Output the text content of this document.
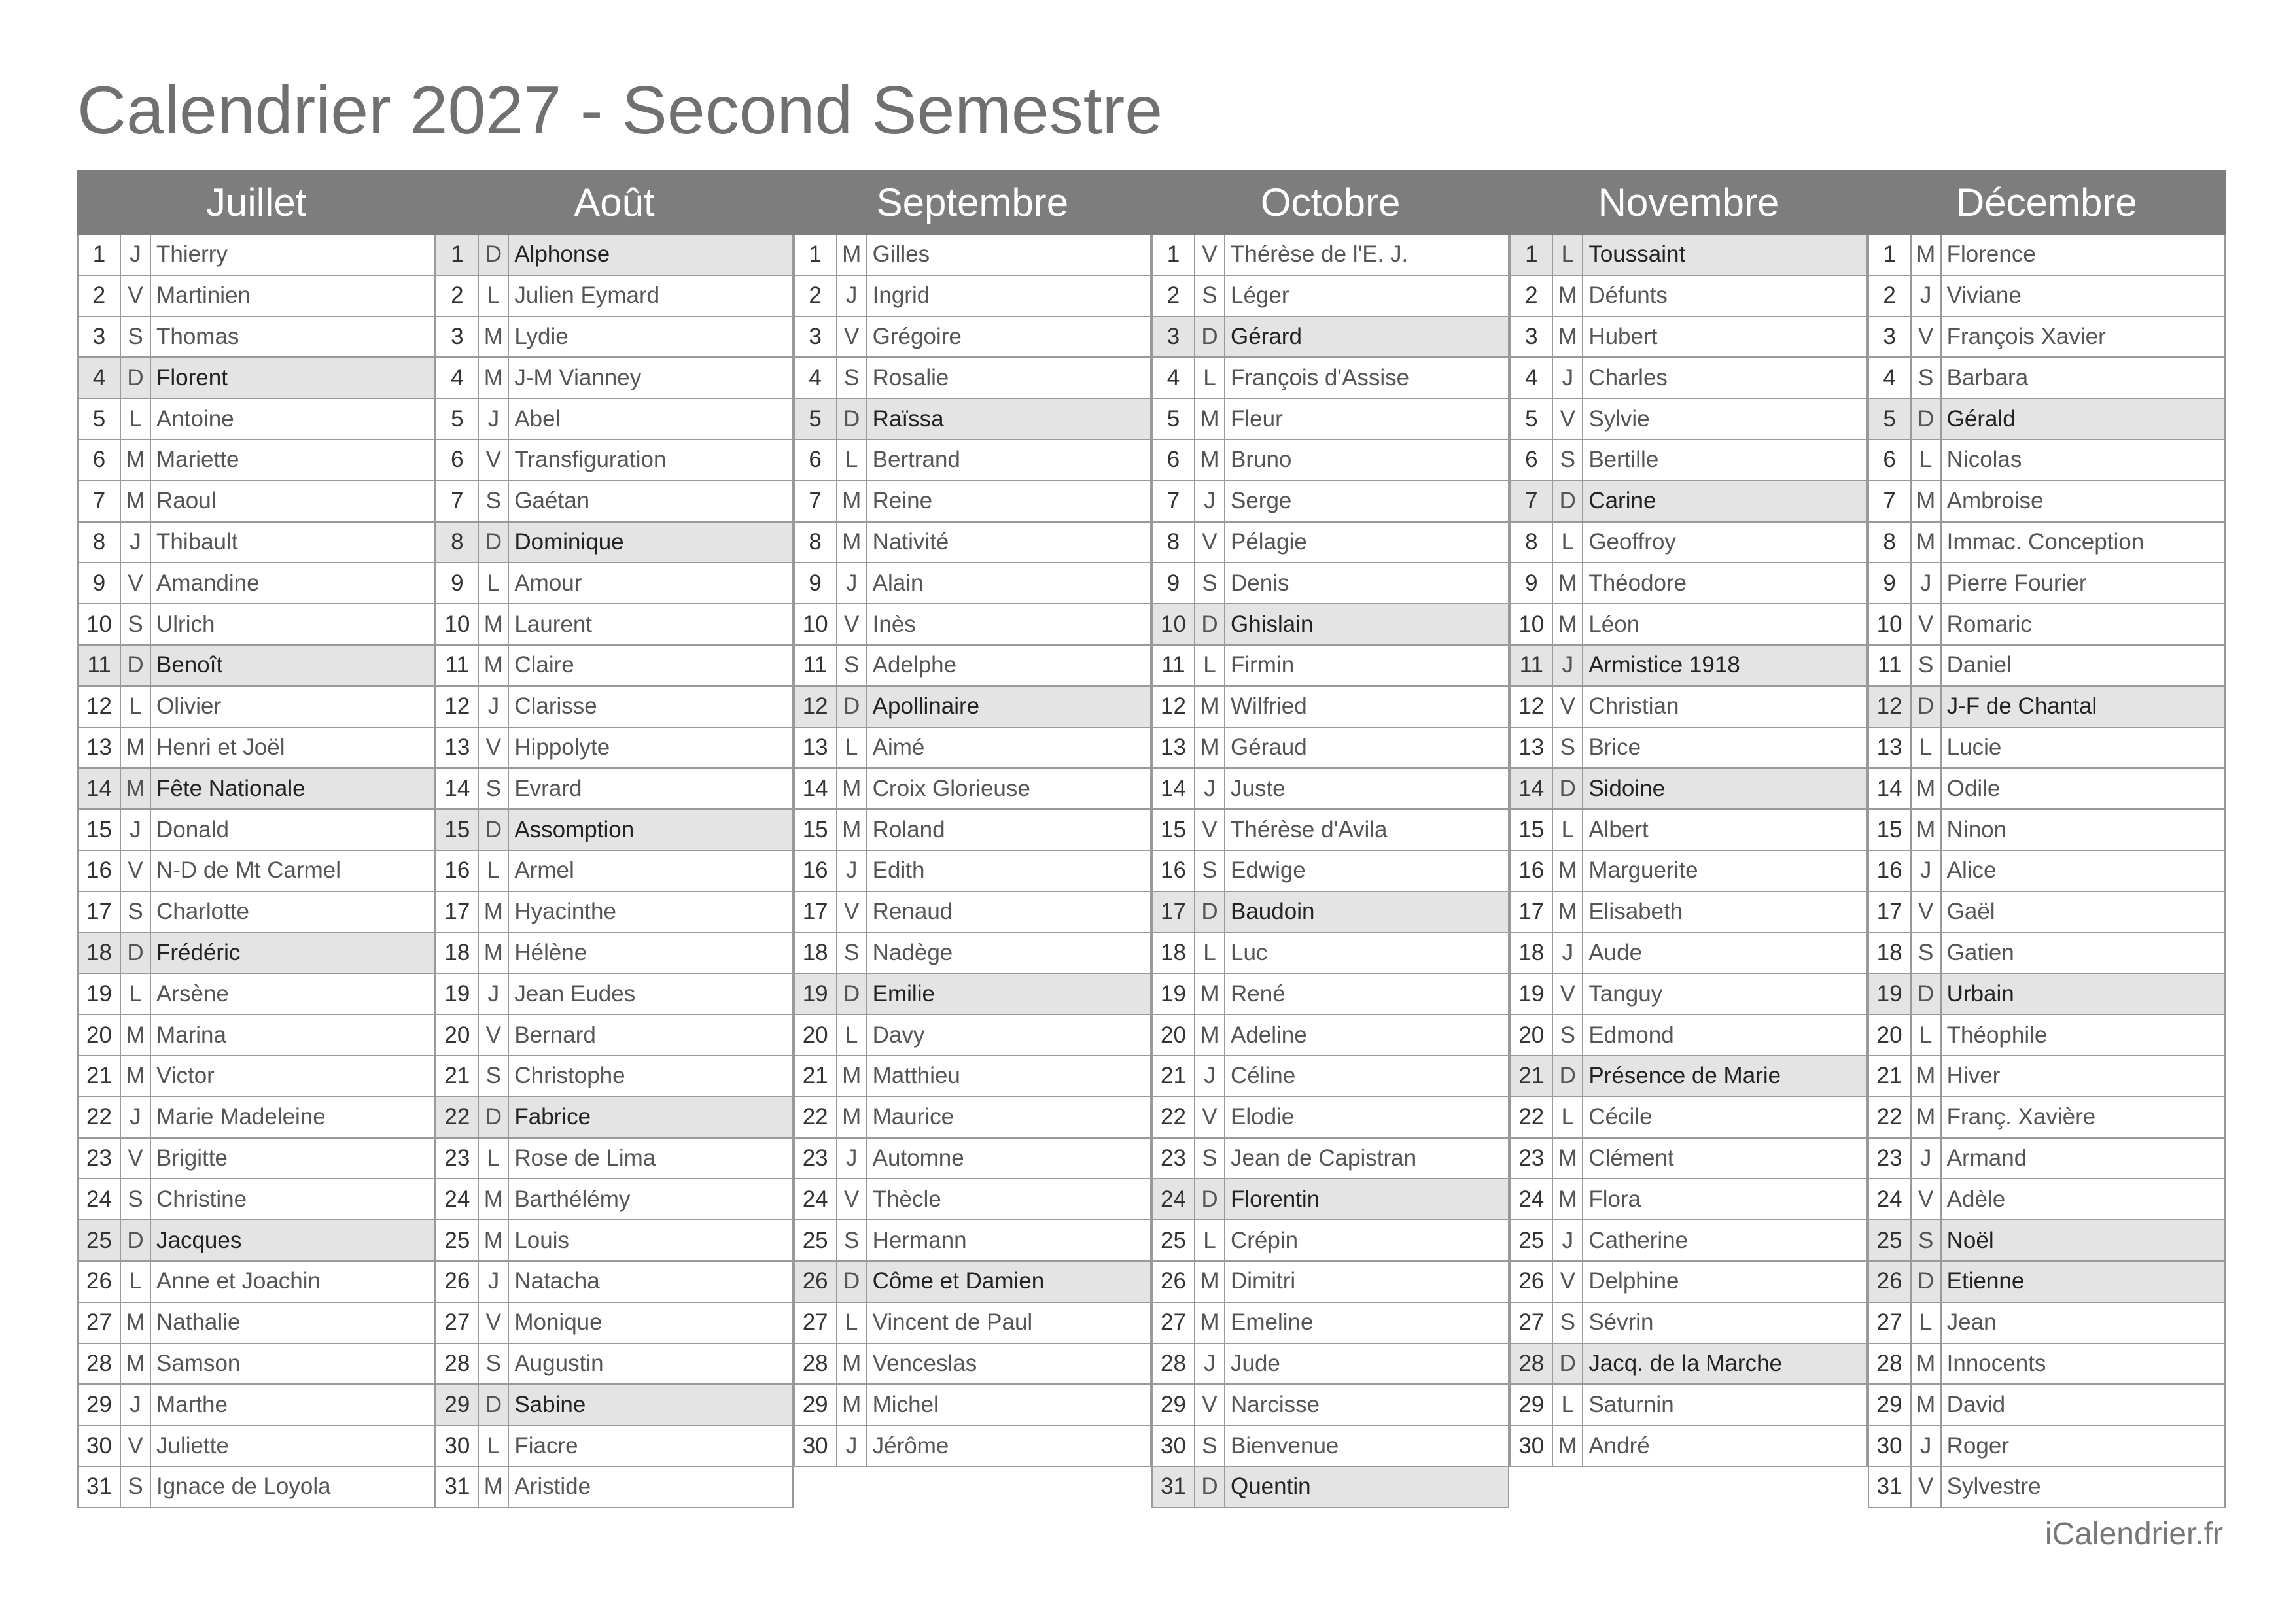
Calendrier 2027 - Second Semestre
Juillet
1	J Thierry
2 V Martinien
3 S Thomas
4 D Florent
5	L Antoine
6 M Mariette
7 M Raoul
8	J Thibault
9 V Amandine
10 S Ulrich
11 D Benoît
12 L Olivier
13 M Henri et Joël
14 M Fête Nationale
15 J Donald
16 V N-D de Mt Carmel
17 S Charlotte
18 D Frédéric
19 L Arsène
20 M Marina
21 M Victor
22 J Marie Madeleine
23 V Brigitte
24 S Christine
25 D Jacques
26 L Anne et Joachin
27 M Nathalie
28 M Samson
29 J Marthe
30 V Juliette
31 S Ignace de Loyola
Août
1 D Alphonse
2	L Julien Eymard
3 M Lydie
4 M J-M Vianney
5	J Abel
6 V Transfiguration
7 S Gaétan
8 D Dominique
9	L Amour
10 M Laurent
11 M Claire
12 J Clarisse
13 V Hippolyte
14 S Evrard
15 D Assomption
16 L Armel
17 M Hyacinthe
18 M Hélène
19 J Jean Eudes
20 V Bernard
21 S Christophe
22 D Fabrice
23 L Rose de Lima
24 M Barthélémy
25 M Louis
26 J Natacha
27 V Monique
28 S Augustin
29 D Sabine
30 L Fiacre
31 M Aristide
Septembre
1 M Gilles
2	J Ingrid
3 V Grégoire
4 S Rosalie
5 D Raïssa
6	L Bertrand
7 M Reine
8 M Nativité
9	J Alain
10 V Inès
11 S Adelphe
12 D Apollinaire
13 L Aimé
14 M Croix Glorieuse
15 M Roland
16 J Edith
17 V Renaud
18 S Nadège
19 D Emilie
20 L Davy
21 M Matthieu
22 M Maurice
23 J Automne
24 V Thècle
25 S Hermann
26 D Côme et Damien
27 L Vincent de Paul
28 M Venceslas
29 M Michel
30 J Jérôme
Octobre
1 V Thérèse de l'E. J.
2 S Léger
3 D Gérard
4	L François d'Assise
5 M Fleur
6 M Bruno
7	J Serge
8 V Pélagie
9 S Denis
10 D Ghislain
11 L Firmin
12 M Wilfried
13 M Géraud
14 J Juste
15 V Thérèse d'Avila
16 S Edwige
17 D Baudoin
18 L Luc
19 M René
20 M Adeline
21 J Céline
22 V Elodie
23 S Jean de Capistran
24 D Florentin
25 L Crépin
26 M Dimitri
27 M Emeline
28 J Jude
29 V Narcisse
30 S Bienvenue
31 D Quentin
Novembre
1	L Toussaint
2 M Défunts
3 M Hubert
4	J Charles
5 V Sylvie
6 S Bertille
7 D Carine
8	L Geoffroy
9 M Théodore
10 M Léon
11 J Armistice 1918
12 V Christian
13 S Brice
14 D Sidoine
15 L Albert
16 M Marguerite
17 M Elisabeth
18 J Aude
19 V Tanguy
20 S Edmond
21 D Présence de Marie
22 L Cécile
23 M Clément
24 M Flora
25 J Catherine
26 V Delphine
27 S Sévrin
28 D Jacq. de la Marche
29 L Saturnin
30 M André
Décembre
1 M Florence
2	J Viviane
3 V François Xavier
4 S Barbara
5 D Gérald
6	L Nicolas
7 M Ambroise
8 M Immac. Conception
9	J Pierre Fourier
10 V Romaric
11 S Daniel
12 D J-F de Chantal
13 L Lucie
14 M Odile
15 M Ninon
16 J Alice
17 V Gaël
18 S Gatien
19 D Urbain
20 L Théophile
21 M Hiver
22 M Franç. Xavière
23 J Armand
24 V Adèle
25 S Noël
26 D Etienne
27 L Jean
28 M Innocents
29 M David
30 J Roger
31 V Sylvestre
iCalendrier.fr
